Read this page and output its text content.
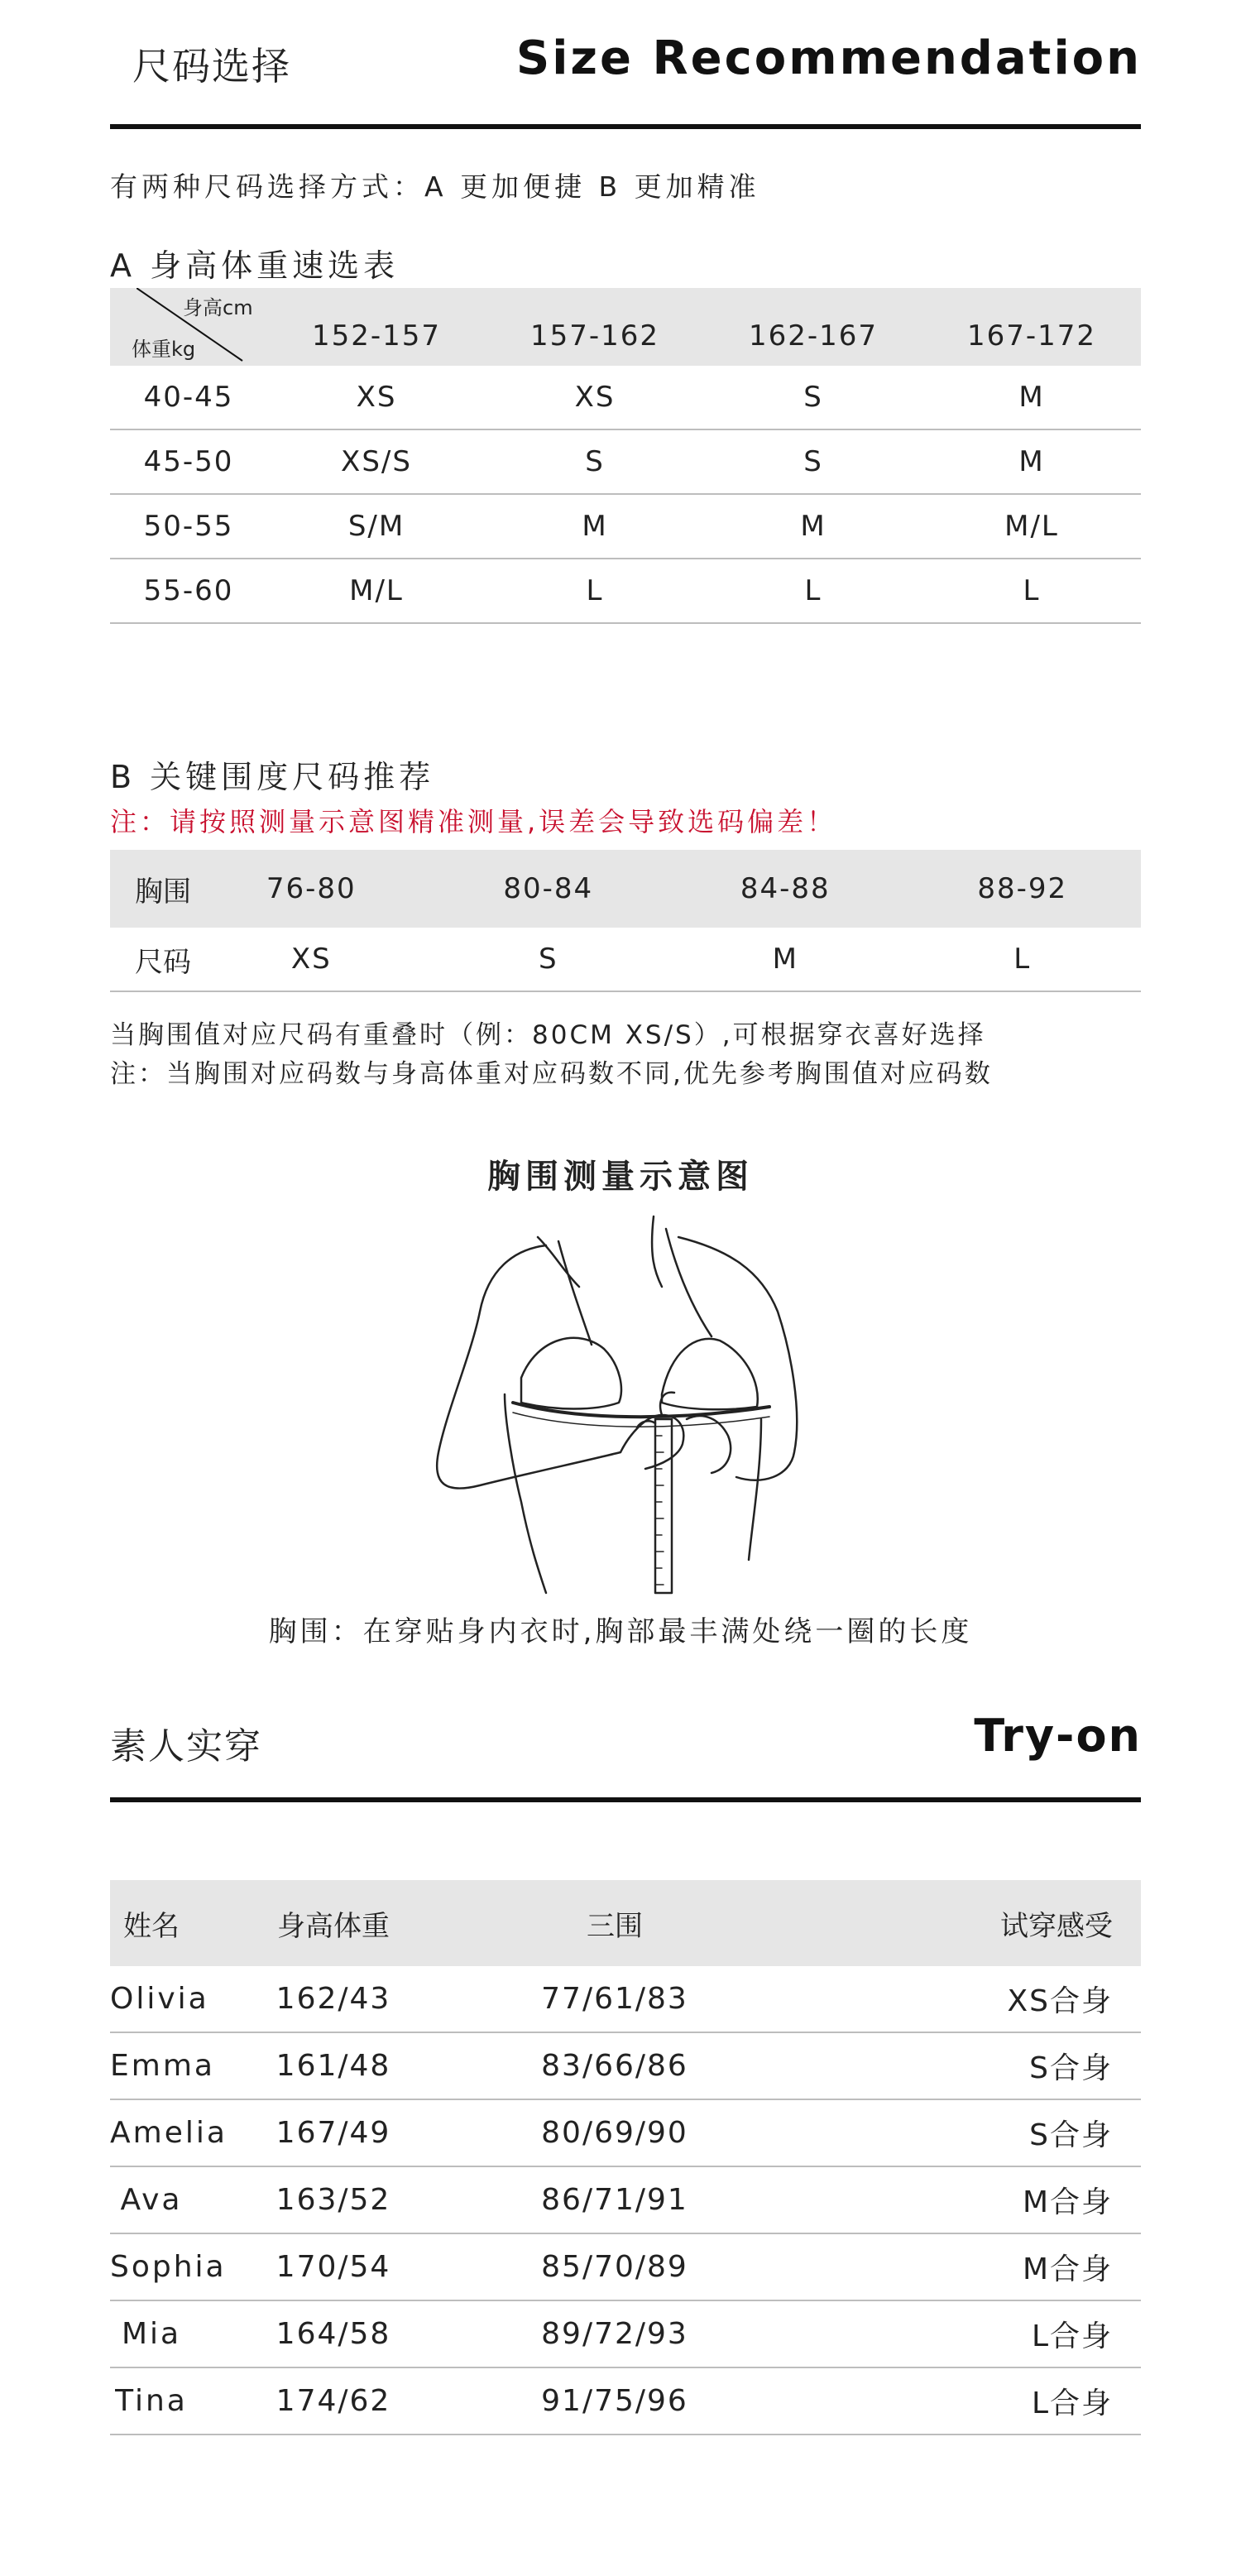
尺码选择	Size Recommendation
有两种尺码选择方式：A 更加便捷 B 更加精准
A 身高体重速选表
身高cm
体重kg	152-157	157-162	162-167	167-172
40-45	XS	XS	S	M
45-50	XS/S	S	S	M
50-55	S/M	M	M	M/L
55-60	M/L	L	L	L
B 关键围度尺码推荐
注：请按照测量示意图精准测量,误差会导致选码偏差！
胸围	76-80	80-84	84-88	88-92
尺码	XS	S	M	L
当胸围值对应尺码有重叠时（例：80CM XS/S）,可根据穿衣喜好选择
注：当胸围对应码数与身高体重对应码数不同,优先参考胸围值对应码数
胸围测量示意图
胸围：在穿贴身内衣时,胸部最丰满处绕一圈的长度
素人实穿	Try-on
姓名	身高体重	三围	试穿感受
Olivia	162/43	77/61/83	XS合身
Emma	161/48	83/66/86	S合身
Amelia	167/49	80/69/90	S合身
Ava	163/52	86/71/91	M合身
Sophia	170/54	85/70/89	M合身
Mia	164/58	89/72/93	L合身
Tina	174/62	91/75/96	L合身
